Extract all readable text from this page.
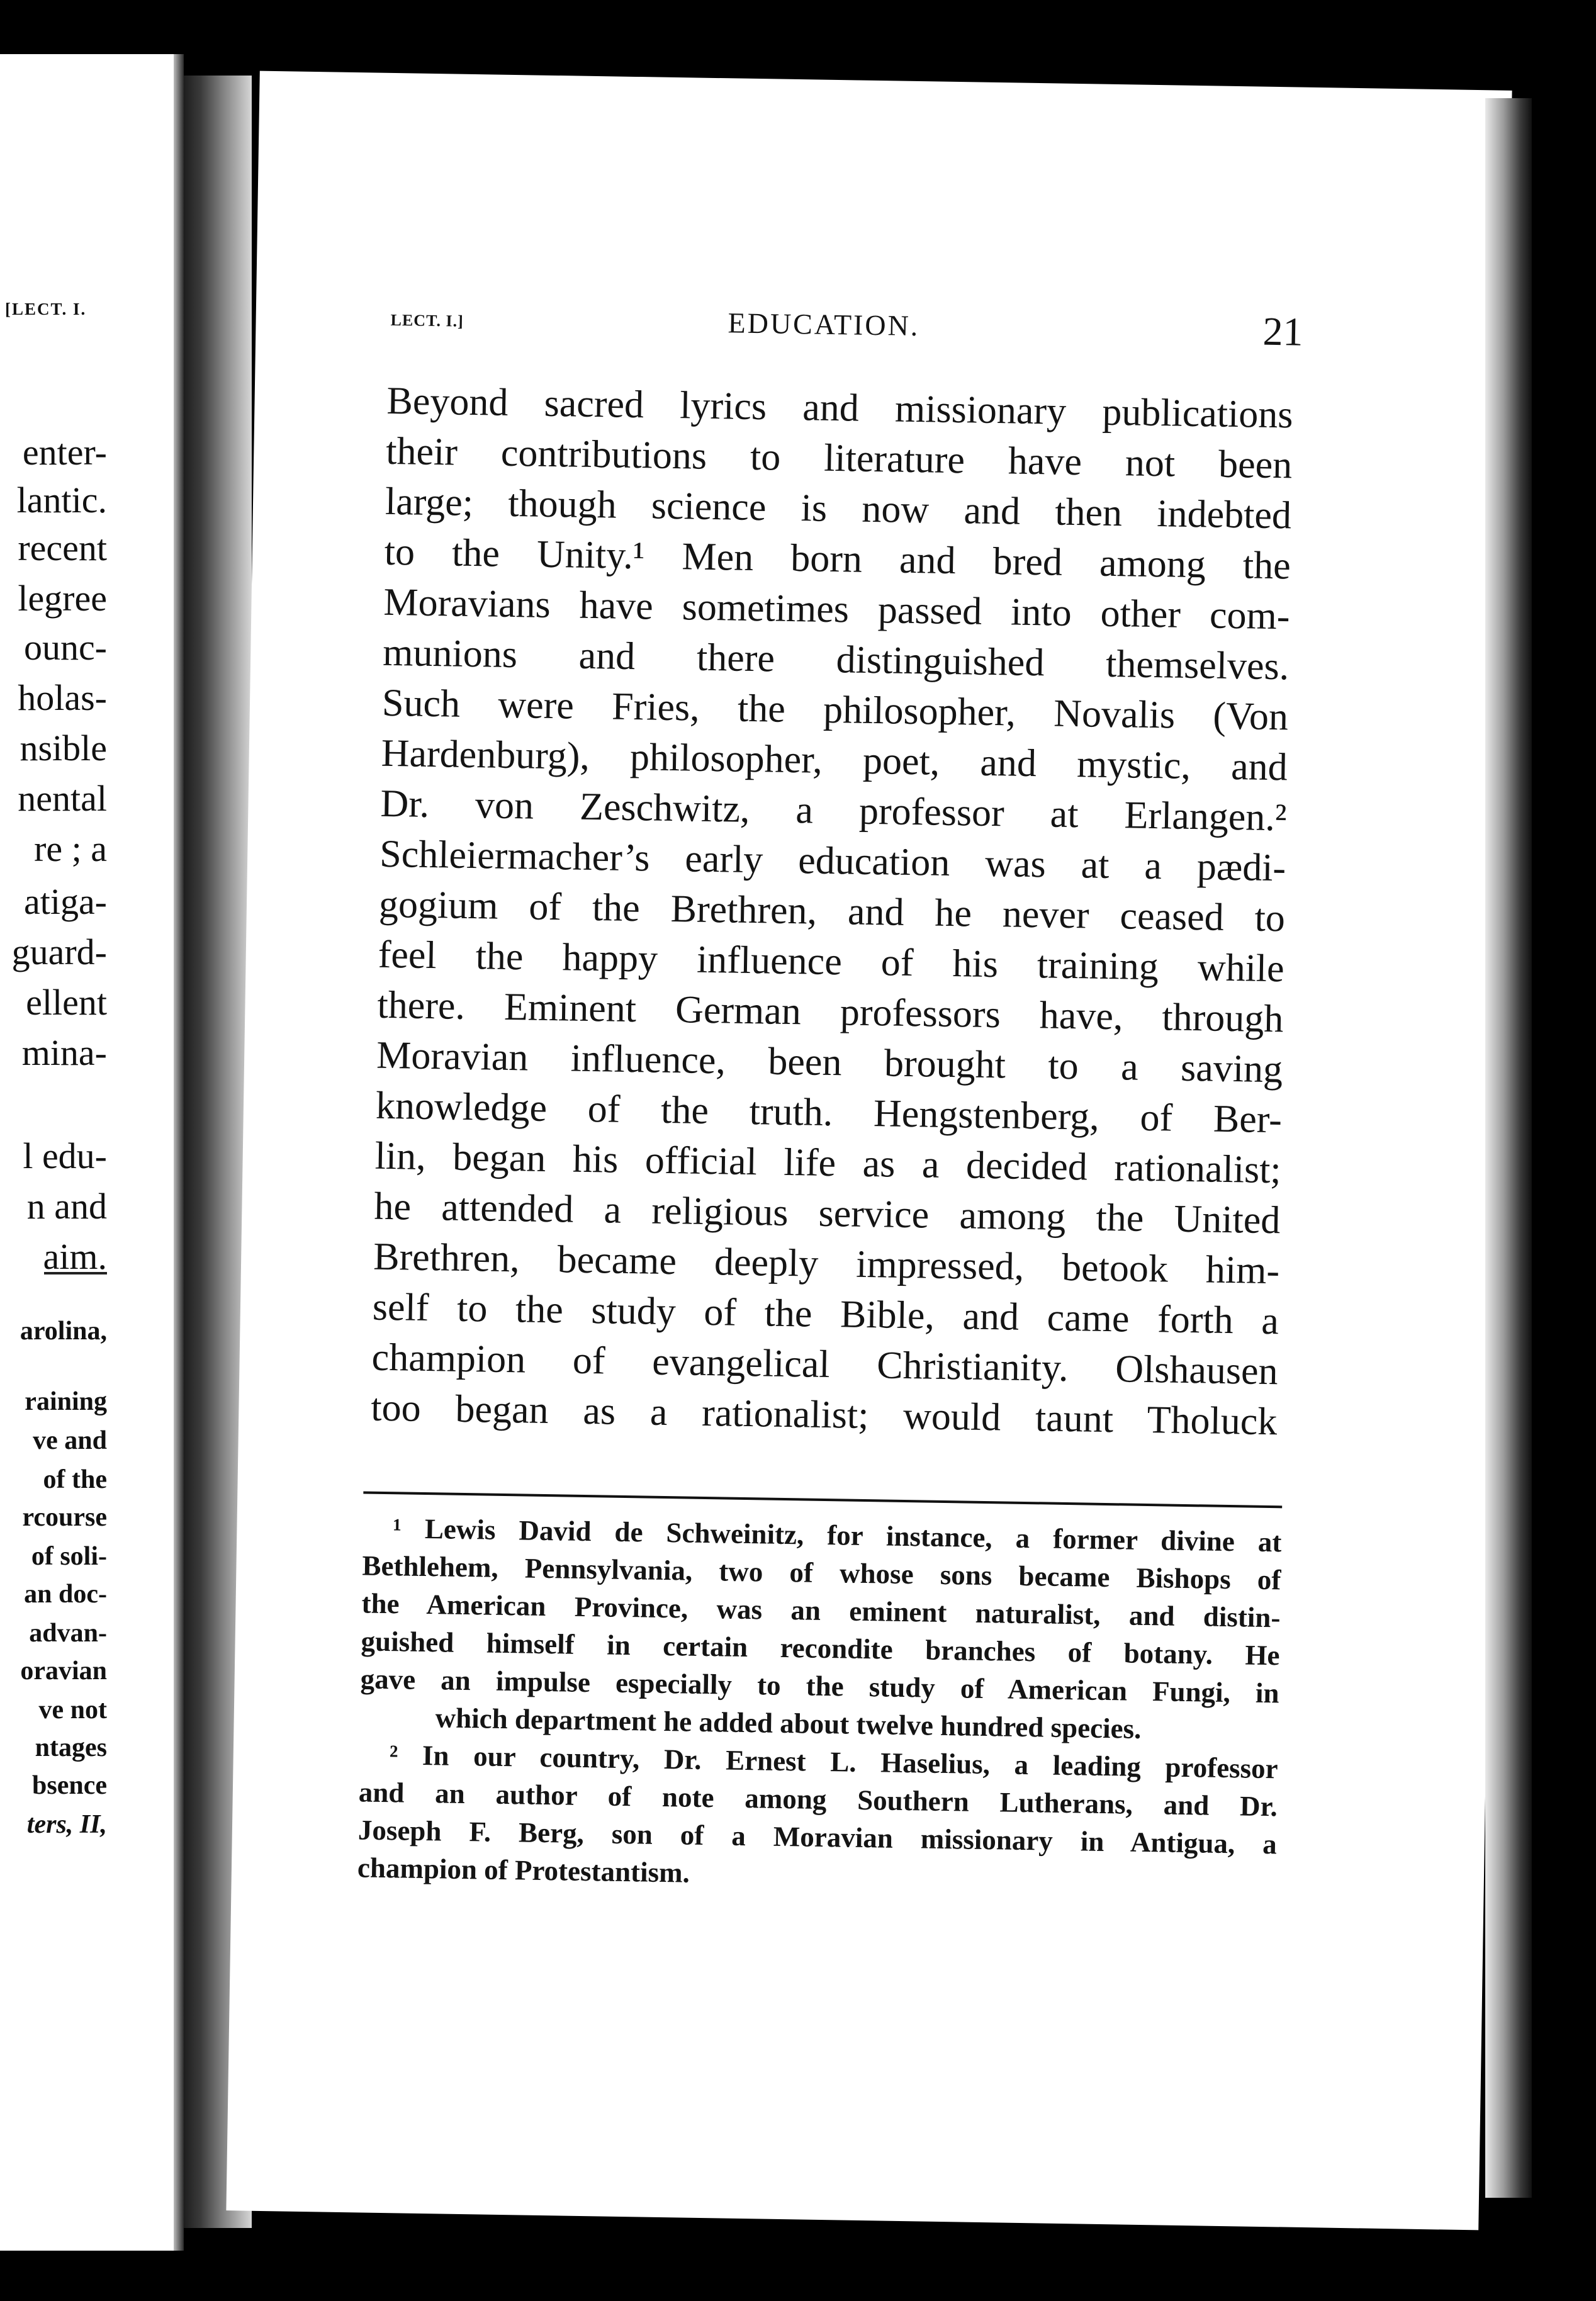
[LECT. I.
enter-
lantic.
recent
legree
ounc-
holas-
nsible
nental
re ; a
atiga-
guard-
ellent
mina-
l edu-
n and
aim.
arolina,
raining
ve and
of the
rcourse
of soli-
an doc-
advan-
oravian
ve not
ntages
bsence
ters, II,
LECT. I.]	EDUCATION.	21
Beyond sacred lyrics and missionary publications
their contributions to literature have not been
large; though science is now and then indebted
to the Unity.¹ Men born and bred among the
Moravians have sometimes passed into other com-
munions and there distinguished themselves.
Such were Fries, the philosopher, Novalis (Von
Hardenburg), philosopher, poet, and mystic, and
Dr. von Zeschwitz, a professor at Erlangen.²
Schleiermacher’s early education was at a pædi-
gogium of the Brethren, and he never ceased to
feel the happy influence of his training while
there. Eminent German professors have, through
Moravian influence, been brought to a saving
knowledge of the truth. Hengstenberg, of Ber-
lin, began his official life as a decided rationalist;
he attended a religious service among the United
Brethren, became deeply impressed, betook him-
self to the study of the Bible, and came forth a
champion of evangelical Christianity. Olshausen
too began as a rationalist; would taunt Tholuck
¹ Lewis David de Schweinitz, for instance, a former divine at
Bethlehem, Pennsylvania, two of whose sons became Bishops of
the American Province, was an eminent naturalist, and distin-
guished himself in certain recondite branches of botany. He
gave an impulse especially to the study of American Fungi, in
which department he added about twelve hundred species.
² In our country, Dr. Ernest L. Haselius, a leading professor
and an author of note among Southern Lutherans, and Dr.
Joseph F. Berg, son of a Moravian missionary in Antigua, a
champion of Protestantism.
